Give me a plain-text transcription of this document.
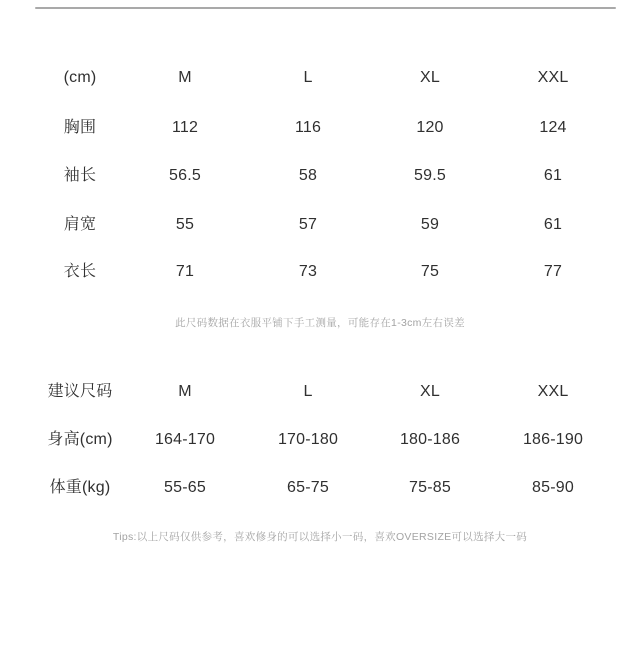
(cm)	M	L	XL	XXL
胸围	112	116	120	124
袖长	56.5	58	59.5	61
肩宽	55	57	59	61
衣长	71	73	75	77
此尺码数据在衣服平铺下手工测量，可能存在1-3cm左右误差
建议尺码	M	L	XL	XXL
身高(cm)	164-170	170-180	180-186	186-190
体重(kg)	55-65	65-75	75-85	85-90
Tips:以上尺码仅供参考，喜欢修身的可以选择小一码，喜欢OVERSIZE可以选择大一码
